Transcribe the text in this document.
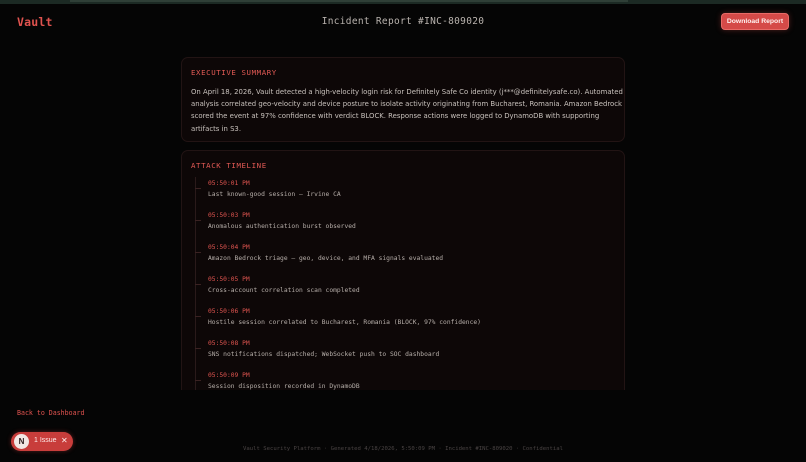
Vault	Incident Report #INC-809020	Download Report
EXECUTIVE SUMMARY
On April 18, 2026, Vault detected a high-velocity login risk for Definitely Safe Co identity (j***@definitelysafe.co). Automated analysis correlated geo-velocity and device posture to isolate activity originating from Bucharest, Romania. Amazon Bedrock scored the event at 97% confidence with verdict BLOCK. Response actions were logged to DynamoDB with supporting artifacts in S3.
ATTACK TIMELINE
05:50:01 PM
Last known-good session — Irvine CA
05:50:03 PM
Anomalous authentication burst observed
05:50:04 PM
Amazon Bedrock triage — geo, device, and MFA signals evaluated
05:50:05 PM
Cross-account correlation scan completed
05:50:06 PM
Hostile session correlated to Bucharest, Romania (BLOCK, 97% confidence)
05:50:08 PM
SNS notifications dispatched; WebSocket push to SOC dashboard
05:50:09 PM
Session disposition recorded in DynamoDB
Back to Dashboard
N	1 Issue ✕
Vault Security Platform · Generated 4/18/2026, 5:50:09 PM · Incident #INC-809020 · Confidential
